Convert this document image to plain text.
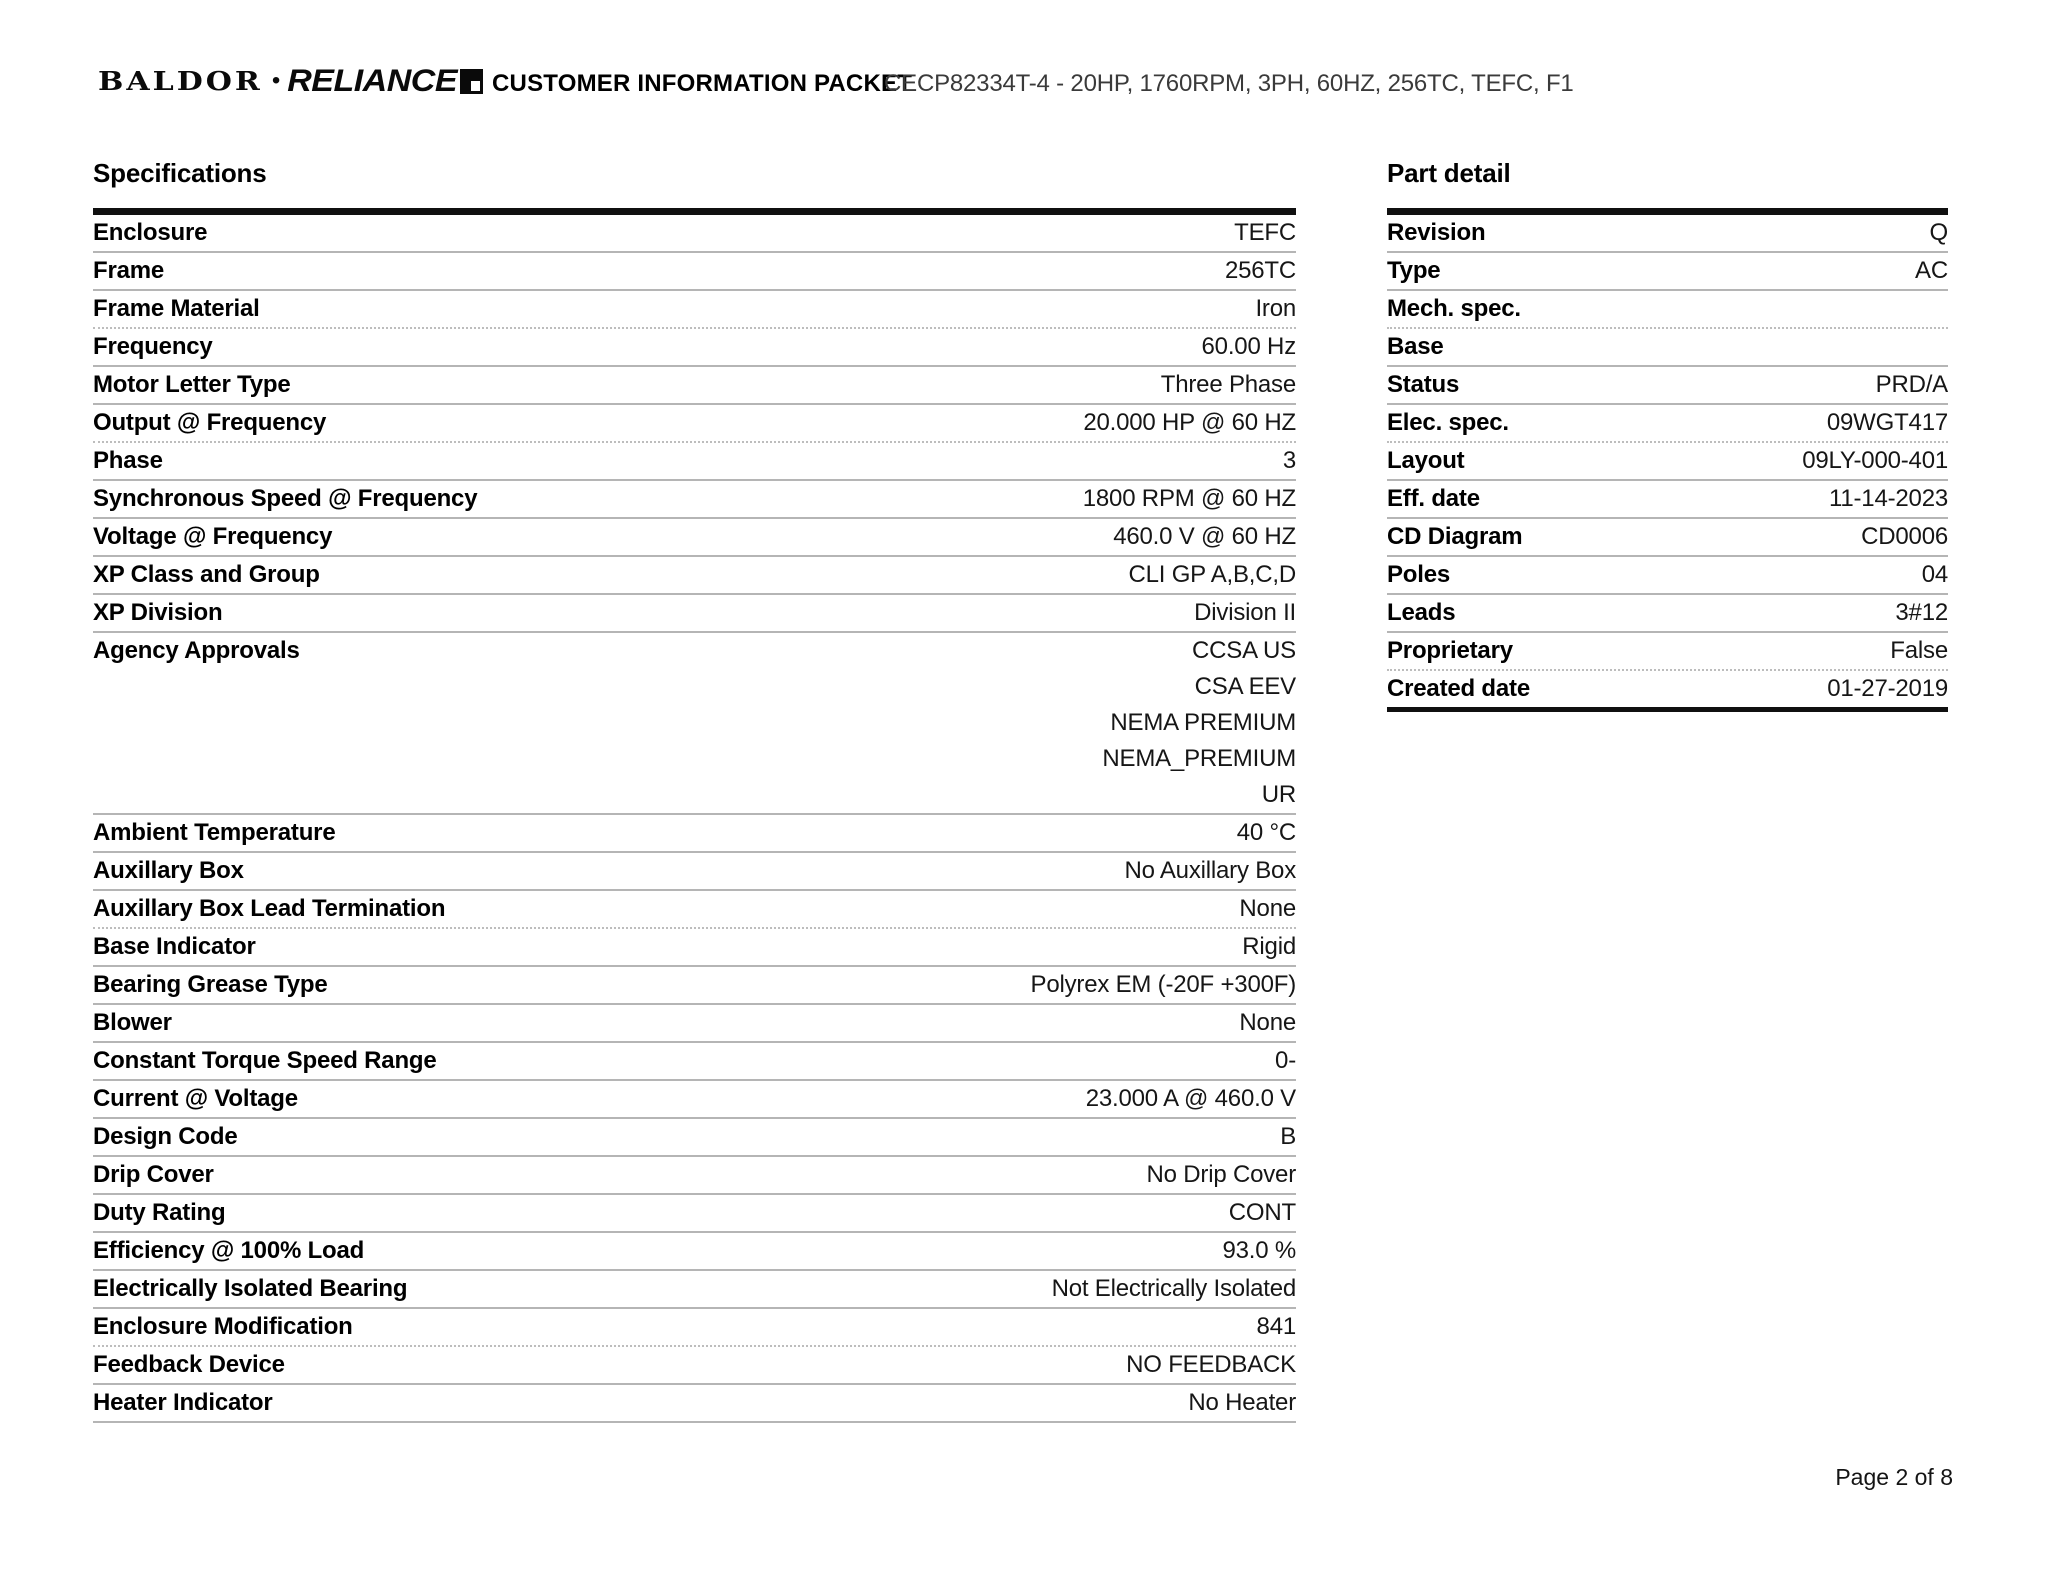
BALDOR • RELIANCE CUSTOMER INFORMATION PACKET
CECP82334T-4 - 20HP, 1760RPM, 3PH, 60HZ, 256TC, TEFC, F1
Specifications
Enclosure	TEFC
Frame	256TC
Frame Material	Iron
Frequency	60.00 Hz
Motor Letter Type	Three Phase
Output @ Frequency	20.000 HP @ 60 HZ
Phase	3
Synchronous Speed @ Frequency	1800 RPM @ 60 HZ
Voltage @ Frequency	460.0 V @ 60 HZ
XP Class and Group	CLI GP A,B,C,D
XP Division	Division II
Agency Approvals	CCSA US
CSA EEV
NEMA PREMIUM
NEMA_PREMIUM
UR
Ambient Temperature	40 °C
Auxillary Box	No Auxillary Box
Auxillary Box Lead Termination	None
Base Indicator	Rigid
Bearing Grease Type	Polyrex EM (-20F +300F)
Blower	None
Constant Torque Speed Range	0-
Current @ Voltage	23.000 A @ 460.0 V
Design Code	B
Drip Cover	No Drip Cover
Duty Rating	CONT
Efficiency @ 100% Load	93.0 %
Electrically Isolated Bearing	Not Electrically Isolated
Enclosure Modification	841
Feedback Device	NO FEEDBACK
Heater Indicator	No Heater
Part detail
Revision	Q
Type	AC
Mech. spec.
Base
Status	PRD/A
Elec. spec.	09WGT417
Layout	09LY-000-401
Eff. date	11-14-2023
CD Diagram	CD0006
Poles	04
Leads	3#12
Proprietary	False
Created date	01-27-2019
Page 2 of 8
